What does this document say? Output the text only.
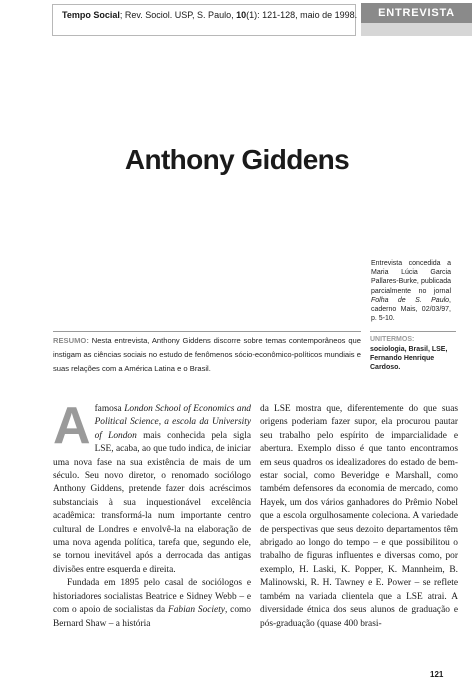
Tempo Social; Rev. Sociol. USP, S. Paulo, 10(1): 121-128, maio de 1998.	ENTREVISTA
Anthony Giddens
Entrevista concedida a Maria Lúcia Garcia Pallares-Burke, publicada parcialmente no jornal Folha de S. Paulo, caderno Mais, 02/03/97, p. 5-10.
RESUMO: Nesta entrevista, Anthony Giddens discorre sobre temas contemporâneos que instigam as ciências sociais no estudo de fenômenos sócio-econômico-políticos mundiais e suas relações com a América Latina e o Brasil.
UNITERMOS:
sociologia, Brasil, LSE, Fernando Henrique Cardoso.

Afamosa London School of Economics and Political Science, a escola da University of London mais conhecida pela sigla LSE, acaba, ao que tudo indica, de iniciar uma nova fase na sua existência de mais de um século. Seu novo diretor, o renomado sociólogo Anthony Giddens, pretende fazer dois acréscimos substanciais à sua inquestionável excelência acadêmica: transformá-la num importante centro cultural de Londres e envolvê-la na elaboração de uma nova agenda política, tarefa que, segundo ele, se tornou inevitável após a derrocada das antigas divisões entre esquerda e direita.

Fundada em 1895 pelo casal de sociólogos e historiadores socialistas Beatrice e Sidney Webb – e com o apoio de socialistas da Fabian Society, como Bernard Shaw – a história

da LSE mostra que, diferentemente do que suas origens poderiam fazer supor, ela procurou pautar seu trabalho pelo espírito de imparcialidade e abertura. Exemplo disso é que tanto encontramos em seus quadros os idealizadores do estado de bem-estar social, como Beveridge e Marshall, como também defensores da economia de mercado, como Hayek, um dos vários ganhadores do Prêmio Nobel que a escola orgulhosamente coleciona. A variedade de perspectivas que seus dezoito departamentos têm abrigado ao longo do tempo – e que possibilitou o trabalho de figuras influentes e diversas como, por exemplo, H. Laski, K. Popper, K. Mannheim, B. Malinowski, R. H. Tawney e E. Power – se reflete também na variada clientela que a LSE atrai. A diversidade étnica dos seus alunos de graduação e pós-graduação (quase 400 brasi-

121
